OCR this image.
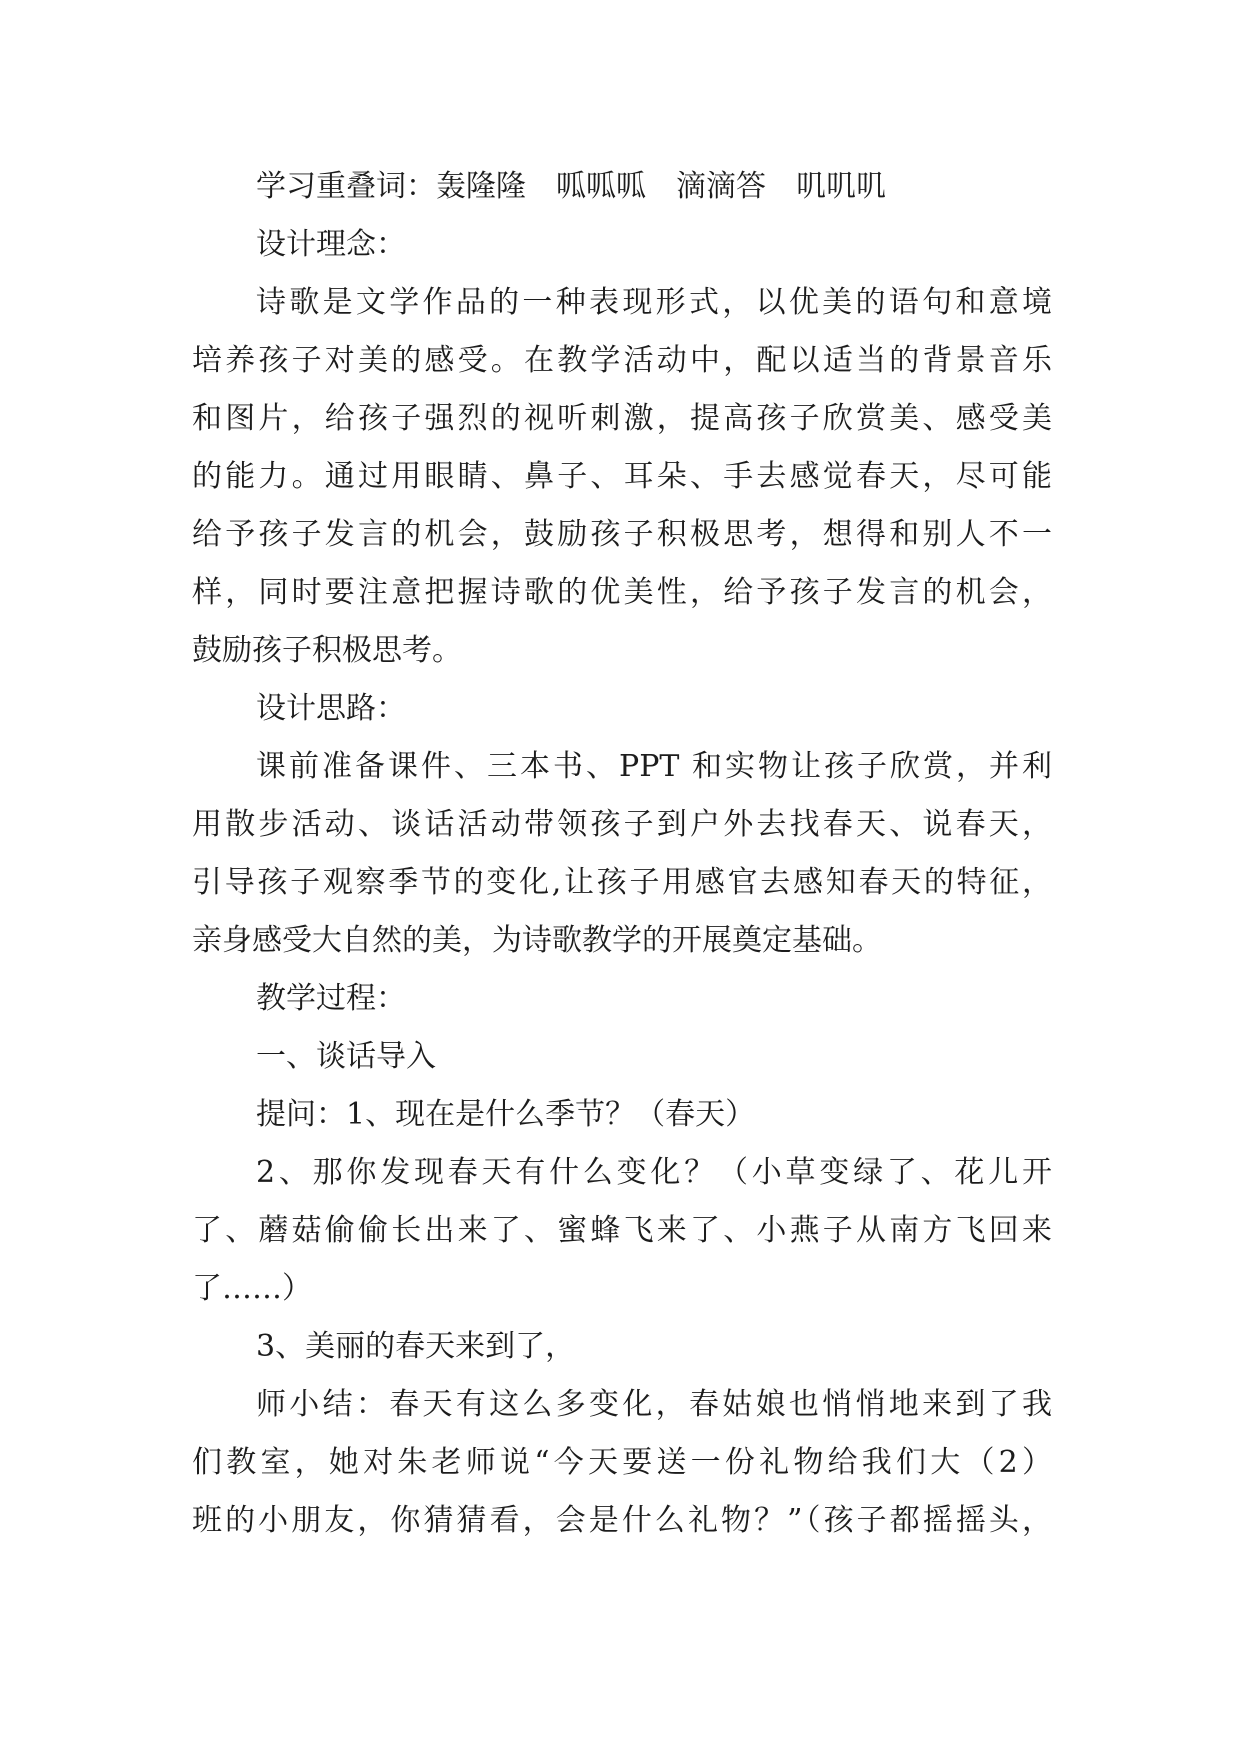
学习重叠词：轰隆隆　呱呱呱　滴滴答　叽叽叽

设计理念：

诗歌是文学作品的一种表现形式，以优美的语句和意境

培养孩子对美的感受。在教学活动中，配以适当的背景音乐

和图片，给孩子强烈的视听刺激，提高孩子欣赏美、感受美

的能力。通过用眼睛、鼻子、耳朵、手去感觉春天，尽可能

给予孩子发言的机会，鼓励孩子积极思考，想得和别人不一

样，同时要注意把握诗歌的优美性，给予孩子发言的机会，

鼓励孩子积极思考。

设计思路：

课前准备课件、三本书、PPT 和实物让孩子欣赏，并利

用散步活动、谈话活动带领孩子到户外去找春天、说春天，

引导孩子观察季节的变化,让孩子用感官去感知春天的特征，

亲身感受大自然的美，为诗歌教学的开展奠定基础。

教学过程：

一、谈话导入

提问：1、现在是什么季节？（春天）

2、那你发现春天有什么变化？（小草变绿了、花儿开

了、蘑菇偷偷长出来了、蜜蜂飞来了、小燕子从南方飞回来

了……）

3、美丽的春天来到了，

师小结：春天有这么多变化，春姑娘也悄悄地来到了我

们教室，她对朱老师说“今天要送一份礼物给我们大（2）

班的小朋友，你猜猜看，会是什么礼物？”（孩子都摇摇头，
